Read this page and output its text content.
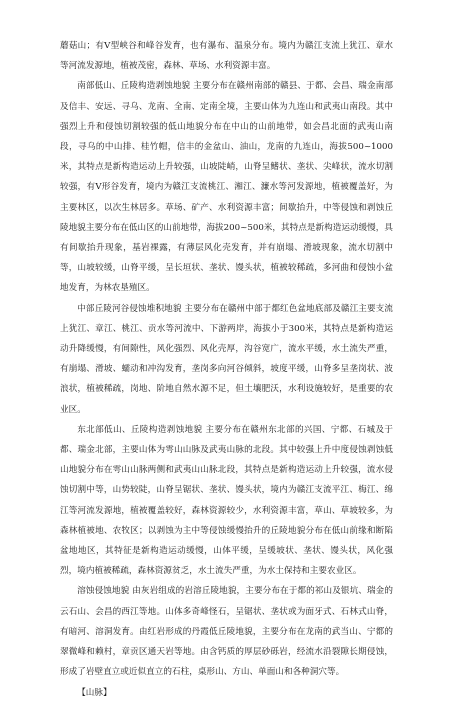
蘑菇山；有V型峡谷和峰谷发育，也有瀑布、温泉分布。境内为赣江支流上犹江、章水等河流发源地，植被茂密，森林、草场、水利资源丰富。

南部低山、丘陵构造剥蚀地貌 主要分布在赣州南部的赣县、于都、会昌、瑞金南部及信丰、安远、寻乌、龙南、全南、定南全境，主要山体为九连山和武夷山南段。其中强烈上升和侵蚀切割较强的低山地貌分布在中山的山前地带，如会昌北面的武夷山南段，寻乌的中山排、桂竹帽，信丰的金盆山、油山，龙南的九连山，海拔500~1000米，其特点是新构造运动上升较强，山坡陡峭，山脊呈鳍状、垄状、尖峰状，流水切割较强，有V形谷发育，境内为赣江支流桃江、湘江、濂水等河发源地，植被覆盖好，为主要林区，以次生林居多。草场、矿产、水利资源丰富；间歇抬升，中等侵蚀和剥蚀丘陵地貌主要分布在低山区的山前地带，海拔200~500米，其特点是新构造运动缓慢，具有间歇抬升现象，基岩裸露，有薄层风化壳发育，并有崩塌、滑坡现象，流水切割中等，山坡较缓，山脊平缓，呈长垣状、垄状、馒头状，植被较稀疏，多河曲和侵蚀小盆地发育，为林农垦殖区。

中部丘陵河谷侵蚀堆积地貌 主要分布在赣州中部于都红色盆地底部及赣江主要支流上犹江、章江、桃江、贡水等河流中、下游两岸，海拔小于300米，其特点是新构造运动升降缓慢，有间隙性，风化强烈、风化壳厚，沟谷宽广，流水平缓，水土流失严重，有崩塌、滑坡、蠕动和冲沟发育，垄岗多向河谷倾斜，坡度平缓，山脊多呈垄岗状、波浪状，植被稀疏，岗地、阶地自然水源不足，但土壤肥沃，水利设施较好，是重要的农业区。

东北部低山、丘陵构造剥蚀地貌 主要分布在赣州东北部的兴国、宁都、石城及于都、瑞金北部，主要山体为雩山山脉及武夷山脉的北段。其中较强上升中度侵蚀剥蚀低山地貌分布在雩山山脉两侧和武夷山山脉北段，其特点是新构造运动上升较强，流水侵蚀切割中等，山势较陡，山脊呈锯状、垄状、馒头状，境内为赣江支流平江、梅江、绵江等河流发源地，植被覆盖较好，森林资源较少，水利资源丰富，草山、草坡较多，为森林植被地、农牧区；以剥蚀为主中等侵蚀缓慢抬升的丘陵地貌分布在低山前缘和断陷盆地地区，其特征是新构造运动缓慢，山体平缓，呈缓坡状、垄状、馒头状，风化强烈，境内植被稀疏，森林资源贫乏，水土流失严重，为水土保持和主要农业区。

溶蚀侵蚀地貌 由灰岩组成的岩溶丘陵地貌，主要分布在于都的祁山及银坑、瑞金的云石山、会昌的西江等地。山体多奇峰怪石，呈锯状、垄状或为面牙式、石林式山脊，有暗河、溶洞发育。由红岩形成的丹霞低丘陵地貌，主要分布在龙南的武当山、宁都的翠微峰和赖村，章贡区通天岩等地。由含钙质的厚层砂砾岩，经流水沿裂隙长期侵蚀，形成了岩壁直立或近似直立的石柱，桌形山、方山、单面山和各种洞穴等。

【山脉】
